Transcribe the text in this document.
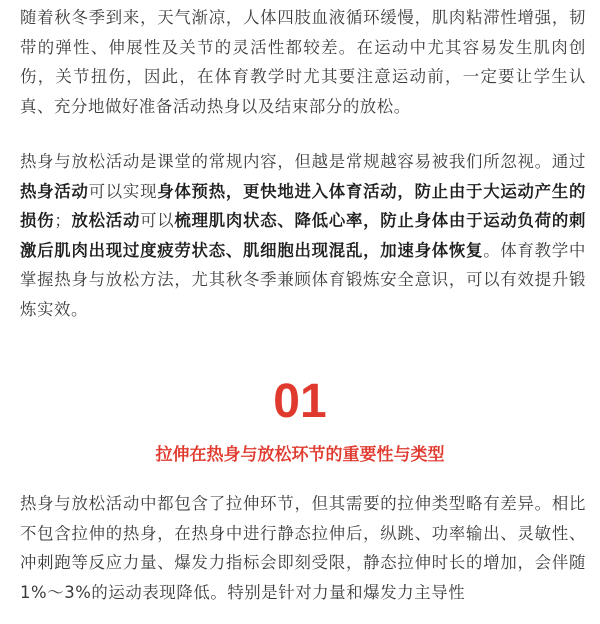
随着秋冬季到来，天气渐凉，人体四肢血液循环缓慢，肌肉粘滞性增强，韧带的弹性、伸展性及关节的灵活性都较差。在运动中尤其容易发生肌肉创伤，关节扭伤，因此，在体育教学时尤其要注意运动前，一定要让学生认真、充分地做好准备活动热身以及结束部分的放松。

热身与放松活动是课堂的常规内容，但越是常规越容易被我们所忽视。通过热身活动可以实现身体预热，更快地进入体育活动，防止由于大运动产生的损伤；放松活动可以梳理肌肉状态、降低心率，防止身体由于运动负荷的刺激后肌肉出现过度疲劳状态、肌细胞出现混乱，加速身体恢复。体育教学中掌握热身与放松方法，尤其秋冬季兼顾体育锻炼安全意识，可以有效提升锻炼实效。

01
拉伸在热身与放松环节的重要性与类型

热身与放松活动中都包含了拉伸环节，但其需要的拉伸类型略有差异。相比不包含拉伸的热身，在热身中进行静态拉伸后，纵跳、功率输出、灵敏性、冲刺跑等反应力量、爆发力指标会即刻受限，静态拉伸时长的增加，会伴随1%～3%的运动表现降低。特别是针对力量和爆发力主导性
